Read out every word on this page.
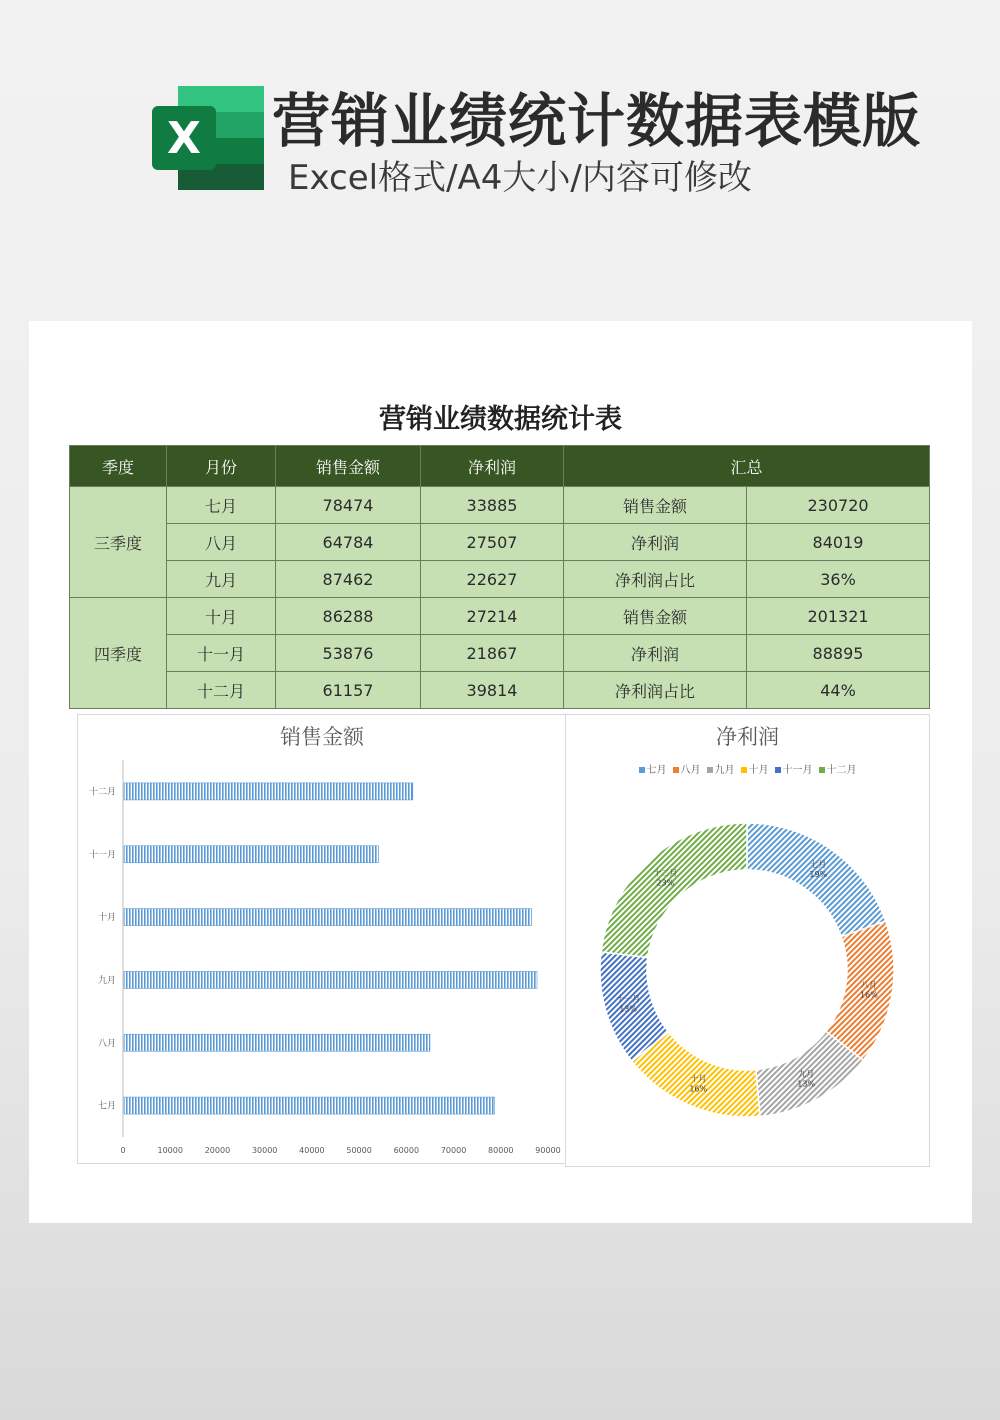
X 营销业绩统计数据表模版
Excel格式/A4大小/内容可修改
营销业绩数据统计表
季度	月份	销售金额	净利润	汇总	
三季度	七月	78474	33885	销售金额	230720
	八月	64784	27507	净利润	84019
	九月	87462	22627	净利润占比	36%
四季度	十月	86288	27214	销售金额	201321
	十一月	53876	21867	净利润	88895
	十二月	61157	39814	净利润占比	44%
销售金额
七月
八月
九月
十月
十一月
十二月
0	10000	20000	30000	40000	50000	60000	70000	80000	90000
净利润
七月 八月 九月 十月 十一月 十二月
七月
19%
八月
16%
九月
13%
十月
16%
十一月
13%
十二月
23%
